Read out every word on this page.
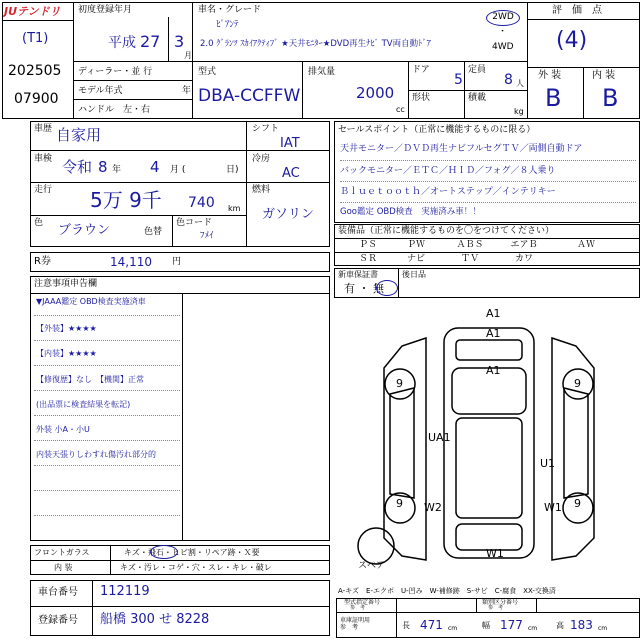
JUテンドリ
(T1)
202505
07900
初度登録年月
平成 27 3
月
ディーラー・並 行
モデル年式	年
ハンドル　左・右
車名・グレード
ﾋﾟｱﾝﾃ
2.0 ｸﾞﾗﾝﾂ ｽｶｲｱｸﾃｨﾌﾞ ★天井ﾓﾆﾀｰ★DVD再生ﾅﾋﾞ TV両自動ﾄﾞｱ
2WD
・
4WD
型式
DBA-CCFFW
排気量
2000
cc
ドア
5
定員
8 人
形状	積載
kg
評　価　点
(4)
外 装	内 装
B B
車歴 自家用
車検 令和 8 年 4 月 (	日)
走行 5万 9千 740 km
色 ブラウン	色替
色コード
ﾌﾒｲ
シフト
IAT
冷房
AC
燃料
ガソリン
R券	14,110 円
セールスポイント（正常に機能するものに限る）
天井モニター／ＤＶＤ再生ナビフルセグＴＶ／両側自動ドア
バックモニター／ＥＴＣ／ＨＩＤ／フォグ／８人乗り
Ｂｌｕｅｔｏｏｔｈ／オートステップ／インテリキー
Goo鑑定 OBD検査　実施済み車！！
装備品（正常に機能するものを〇をつけてください）
ＰＳ	ＰＷ	ＡＢＳ	エアＢ	ＡＷ
ＳＲ	ナビ	ＴＶ	カワ
新車保証書
有 ・ 無
後日品
注意事項申告欄
▼JAAA鑑定 OBD検査実施済車
【外装】★★★★
【内装】★★★★
【修復歴】なし　【機関】正常
(出品票に検査結果を転記)
外装 小A・小U
内装天張りしわすれ傷汚れ部分的
A1
A1
A1
9	9
UA1
U1
9 W2	W1 9
W1
スペア
フロントガラス	キズ・飛石・ヒビ割・リペア跡・Ｘ要
内 装	キズ・汚レ・コゲ・穴・スレ・キレ・破レ
車台番号 112119
登録番号 船橋 300 せ 8228
A-キズ　E-エクボ　U-凹み　W-補修跡　S-サビ　C-腐食　XX-交換済
型式指定番号
参　考
類別区分番号
参　考
車庫証明用
参　考	長 471 cm	幅 177 cm 高 183 cm
